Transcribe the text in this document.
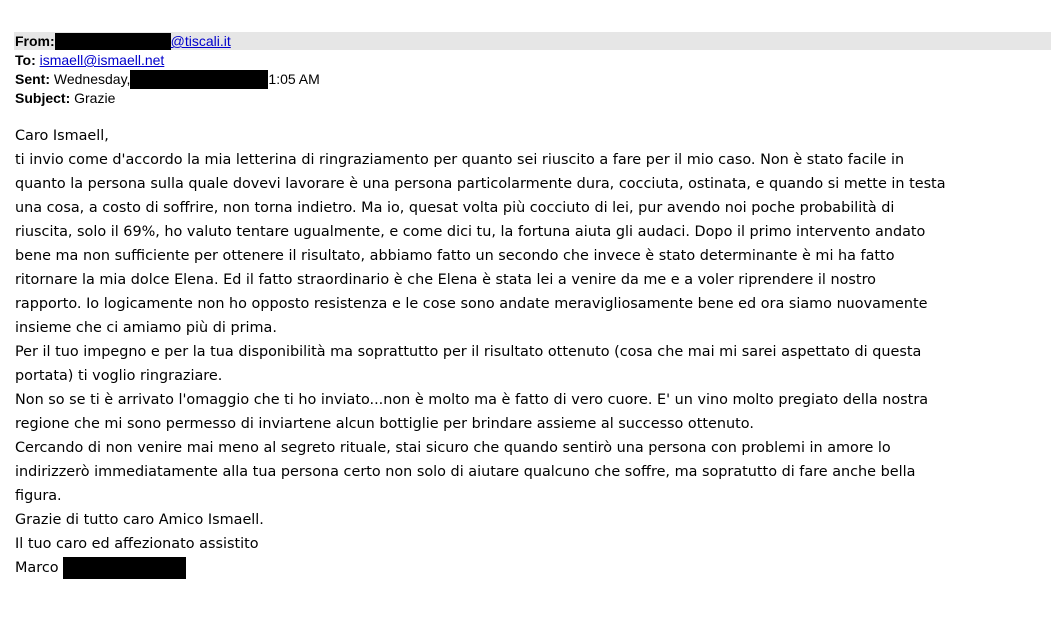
From:	@tiscali.it
To: ismaell@ismaell.net
Sent: Wednesday,	1:05 AM
Subject: Grazie
Caro Ismaell,
ti invio come d'accordo la mia letterina di ringraziamento per quanto sei riuscito a fare per il mio caso. Non è stato facile in
quanto la persona sulla quale dovevi lavorare è una persona particolarmente dura, cocciuta, ostinata, e quando si mette in testa
una cosa, a costo di soffrire, non torna indietro. Ma io, quesat volta più cocciuto di lei, pur avendo noi poche probabilità di
riuscita, solo il 69%, ho valuto tentare ugualmente, e come dici tu, la fortuna aiuta gli audaci. Dopo il primo intervento andato
bene ma non sufficiente per ottenere il risultato, abbiamo fatto un secondo che invece è stato determinante è mi ha fatto
ritornare la mia dolce Elena. Ed il fatto straordinario è che Elena è stata lei a venire da me e a voler riprendere il nostro
rapporto. Io logicamente non ho opposto resistenza e le cose sono andate meravigliosamente bene ed ora siamo nuovamente
insieme che ci amiamo più di prima.
Per il tuo impegno e per la tua disponibilità ma soprattutto per il risultato ottenuto (cosa che mai mi sarei aspettato di questa
portata) ti voglio ringraziare.
Non so se ti è arrivato l'omaggio che ti ho inviato...non è molto ma è fatto di vero cuore. E' un vino molto pregiato della nostra
regione che mi sono permesso di inviartene alcun bottiglie per brindare assieme al successo ottenuto.
Cercando di non venire mai meno al segreto rituale, stai sicuro che quando sentirò una persona con problemi in amore lo
indirizzerò immediatamente alla tua persona certo non solo di aiutare qualcuno che soffre, ma sopratutto di fare anche bella
figura.
Grazie di tutto caro Amico Ismaell.
Il tuo caro ed affezionato assistito
Marco
